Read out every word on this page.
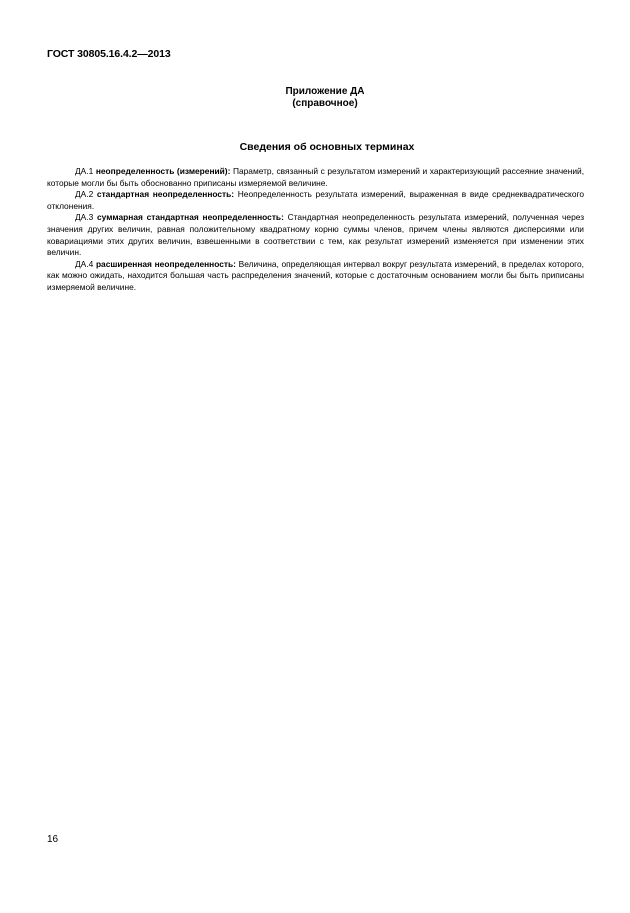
ГОСТ 30805.16.4.2—2013
Приложение ДА
(справочное)
Сведения об основных терминах

ДА.1 неопределенность (измерений): Параметр, связанный с результатом измерений и характеризующий рассеяние значений, которые могли бы быть обоснованно приписаны измеряемой величине.

ДА.2 стандартная неопределенность: Неопределенность результата измерений, выраженная в виде среднеквадратического отклонения.

ДА.3 суммарная стандартная неопределенность: Стандартная неопределенность результата измерений, полученная через значения других величин, равная положительному квадратному корню суммы членов, причем члены являются дисперсиями или ковариациями этих других величин, взвешенными в соответствии с тем, как результат измерений изменяется при изменении этих величин.

ДА.4 расширенная неопределенность: Величина, определяющая интервал вокруг результата измерений, в пределах которого, как можно ожидать, находится большая часть распределения значений, которые с достаточным основанием могли бы быть приписаны измеряемой величине.

16
